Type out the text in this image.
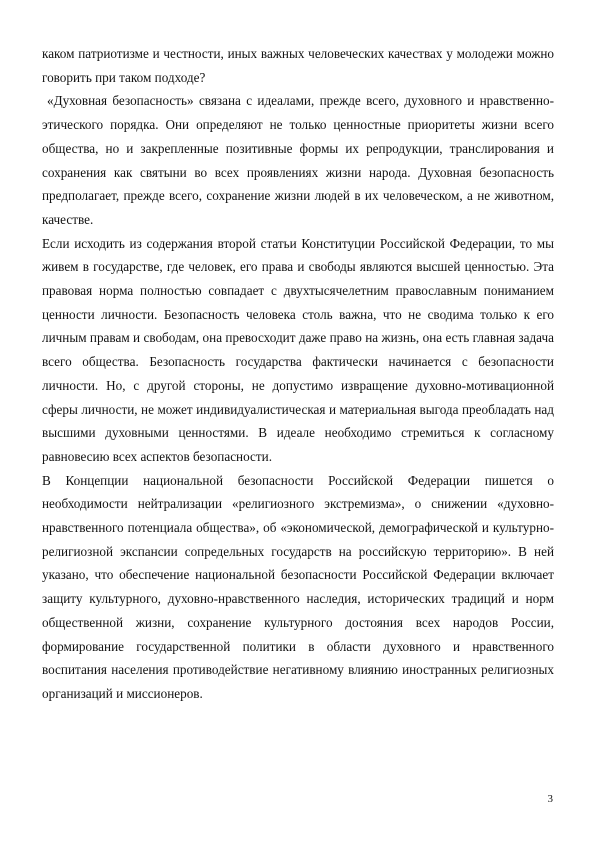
каком патриотизме и честности, иных важных человеческих качествах у молодежи можно говорить при таком подходе?

«Духовная безопасность» связана с идеалами, прежде всего, духовного и нравственно-этического порядка. Они определяют не только ценностные приоритеты жизни всего общества, но и закрепленные позитивные формы их репродукции, транслирования и сохранения как святыни во всех проявлениях жизни народа. Духовная безопасность предполагает, прежде всего, сохранение жизни людей в их человеческом, а не животном, качестве.

Если исходить из содержания второй статьи Конституции Российской Федерации, то мы живем в государстве, где человек, его права и свободы являются высшей ценностью. Эта правовая норма полностью совпадает с двухтысячелетним православным пониманием ценности личности. Безопасность человека столь важна, что не сводима только к его личным правам и свободам, она превосходит даже право на жизнь, она есть главная задача всего общества. Безопасность государства фактически начинается с безопасности личности. Но, с другой стороны, не допустимо извращение духовно-мотивационной сферы личности, не может индивидуалистическая и материальная выгода преобладать над высшими духовными ценностями. В идеале необходимо стремиться к согласному равновесию всех аспектов безопасности.

В Концепции национальной безопасности Российской Федерации пишется о необходимости нейтрализации «религиозного экстремизма», о снижении «духовно-нравственного потенциала общества», об «экономической, демографической и культурно-религиозной экспансии сопредельных государств на российскую территорию». В ней указано, что обеспечение национальной безопасности Российской Федерации включает защиту культурного, духовно-нравственного наследия, исторических традиций и норм общественной жизни, сохранение культурного достояния всех народов России, формирование государственной политики в области духовного и нравственного воспитания населения противодействие негативному влиянию иностранных религиозных организаций и миссионеров.

3
